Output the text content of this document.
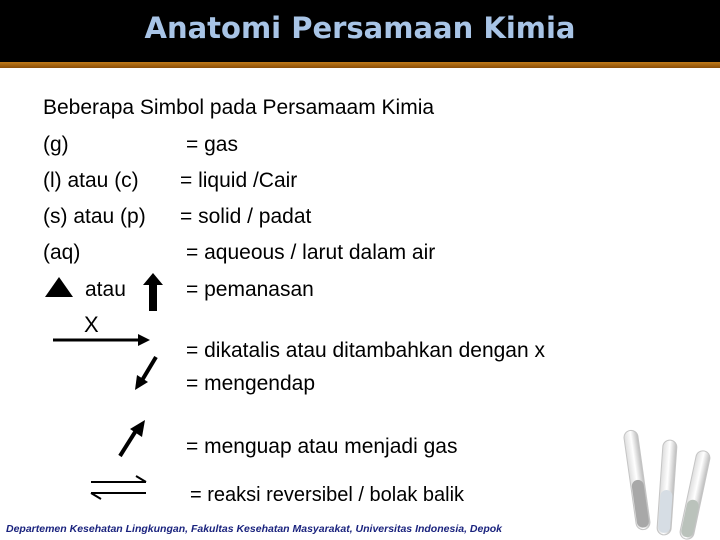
Anatomi Persamaan Kimia
Beberapa Simbol pada Persamaam Kimia
(g)	= gas
(l) atau (c) = liquid /Cair
(s) atau (p) = solid / padat
(aq)	= aqueous / larut dalam air
atau	= pemanasan
X
= dikatalis atau ditambahkan dengan x
= mengendap
= menguap atau menjadi gas
= reaksi reversibel / bolak balik
Departemen Kesehatan Lingkungan, Fakultas Kesehatan Masyarakat, Universitas Indonesia, Depok
